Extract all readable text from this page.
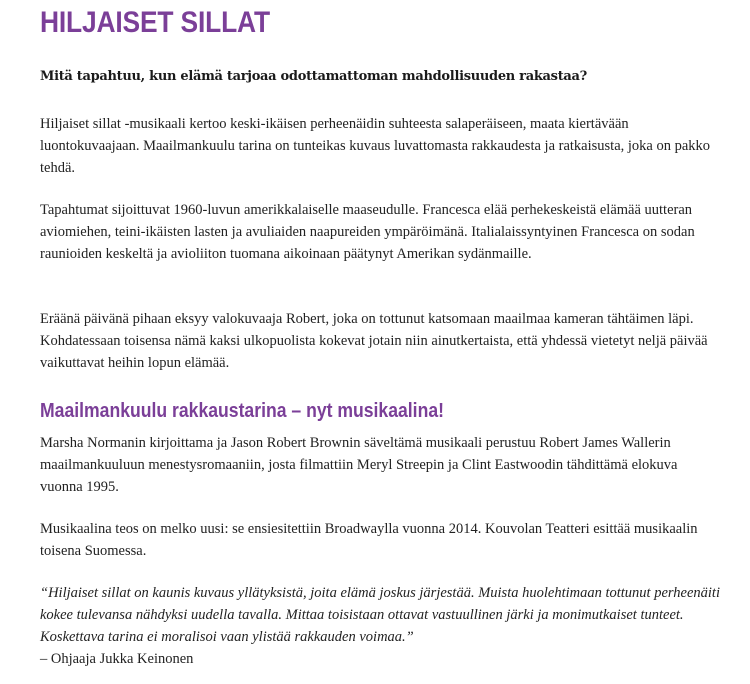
HILJAISET SILLAT

Mitä tapahtuu, kun elämä tarjoaa odottamattoman mahdollisuuden rakastaa?

Hiljaiset sillat -musikaali kertoo keski-ikäisen perheenäidin suhteesta salaperäiseen, maata kiertävään luontokuvaajaan. Maailmankuulu tarina on tunteikas kuvaus luvattomasta rakkaudesta ja ratkaisusta, joka on pakko tehdä.

Tapahtumat sijoittuvat 1960-luvun amerikkalaiselle maaseudulle. Francesca elää perhekeskeistä elämää uutteran aviomiehen, teini-ikäisten lasten ja avuliaiden naapureiden ympäröimänä. Italialaissyntyinen Francesca on sodan raunioiden keskeltä ja avioliiton tuomana aikoinaan päätynyt Amerikan sydänmaille.

Eräänä päivänä pihaan eksyy valokuvaaja Robert, joka on tottunut katsomaan maailmaa kameran tähtäimen läpi. Kohdatessaan toisensa nämä kaksi ulkopuolista kokevat jotain niin ainutkertaista, että yhdessä vietetyt neljä päivää vaikuttavat heihin lopun elämää.

Maailmankuulu rakkaustarina – nyt musikaalina!

Marsha Normanin kirjoittama ja Jason Robert Brownin säveltämä musikaali perustuu Robert James Wallerin maailmankuuluun menestysromaaniin, josta filmattiin Meryl Streepin ja Clint Eastwoodin tähdittämä elokuva vuonna 1995.

Musikaalina teos on melko uusi: se ensiesitettiin Broadwaylla vuonna 2014. Kouvolan Teatteri esittää musikaalin toisena Suomessa.

“Hiljaiset sillat on kaunis kuvaus yllätyksistä, joita elämä joskus järjestää. Muista huolehtimaan tottunut perheenäiti kokee tulevansa nähdyksi uudella tavalla. Mittaa toisistaan ottavat vastuullinen järki ja monimutkaiset tunteet. Koskettava tarina ei moralisoi vaan ylistää rakkauden voimaa.”

– Ohjaaja Jukka Keinonen
